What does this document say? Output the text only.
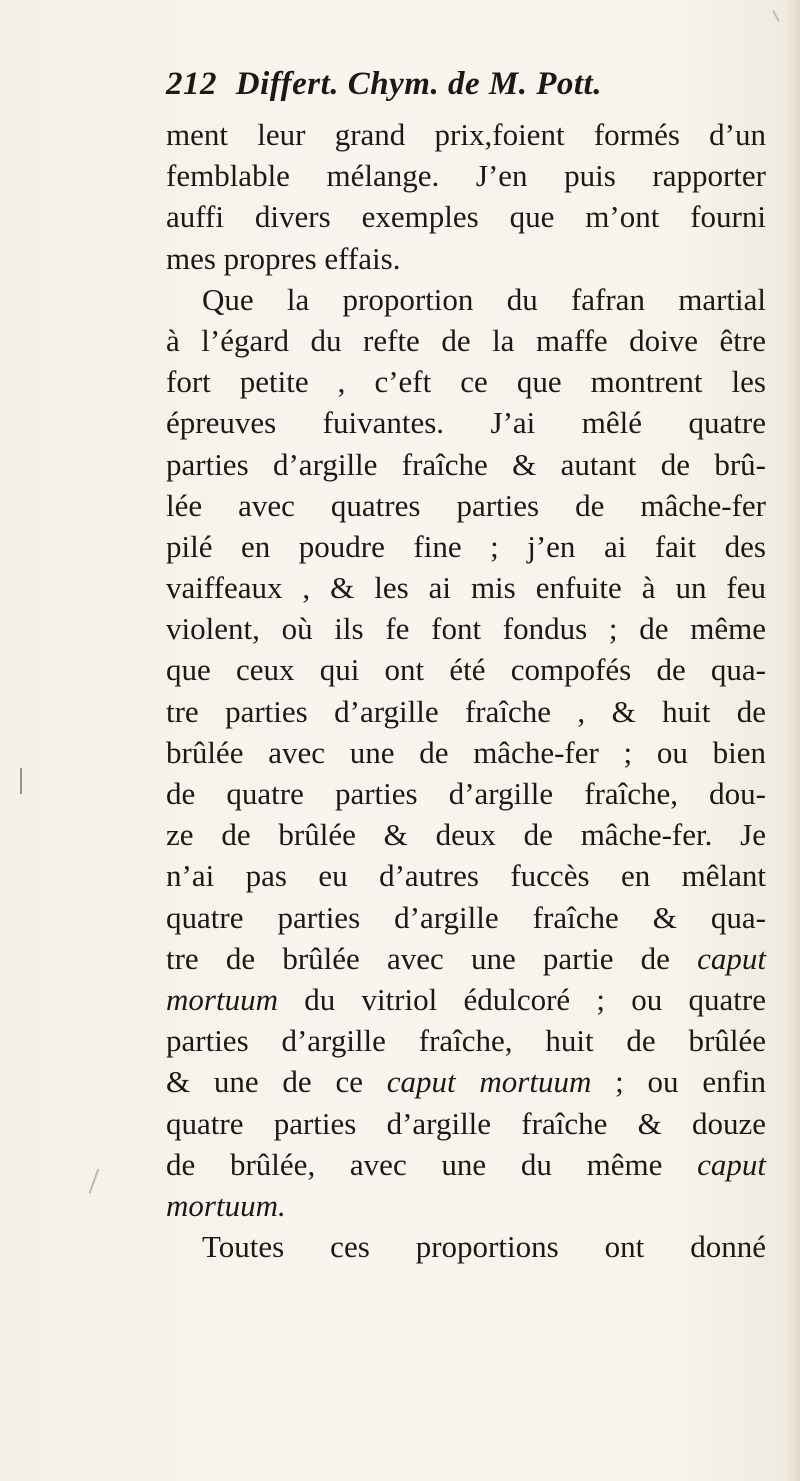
212 Differt. Chym. de M. Pott.
ment leur grand prix,foient formés d’un
femblable mélange. J’en puis rapporter
auffi divers exemples que m’ont fourni
mes propres effais.
Que la proportion du fafran martial
à l’égard du refte de la maffe doive être
fort petite , c’eft ce que montrent les
épreuves fuivantes. J’ai mêlé quatre
parties d’argille fraîche & autant de brû-
lée avec quatres parties de mâche-fer
pilé en poudre fine ; j’en ai fait des
vaiffeaux , & les ai mis enfuite à un feu
violent, où ils fe font fondus ; de même
que ceux qui ont été compofés de qua-
tre parties d’argille fraîche , & huit de
brûlée avec une de mâche-fer ; ou bien
de quatre parties d’argille fraîche, dou-
ze de brûlée & deux de mâche-fer. Je
n’ai pas eu d’autres fuccès en mêlant
quatre parties d’argille fraîche & qua-
tre de brûlée avec une partie de caput
mortuum du vitriol édulcoré ; ou quatre
parties d’argille fraîche, huit de brûlée
& une de ce caput mortuum ; ou enfin
quatre parties d’argille fraîche & douze
de brûlée, avec une du même caput
mortuum.
Toutes ces proportions ont donné
